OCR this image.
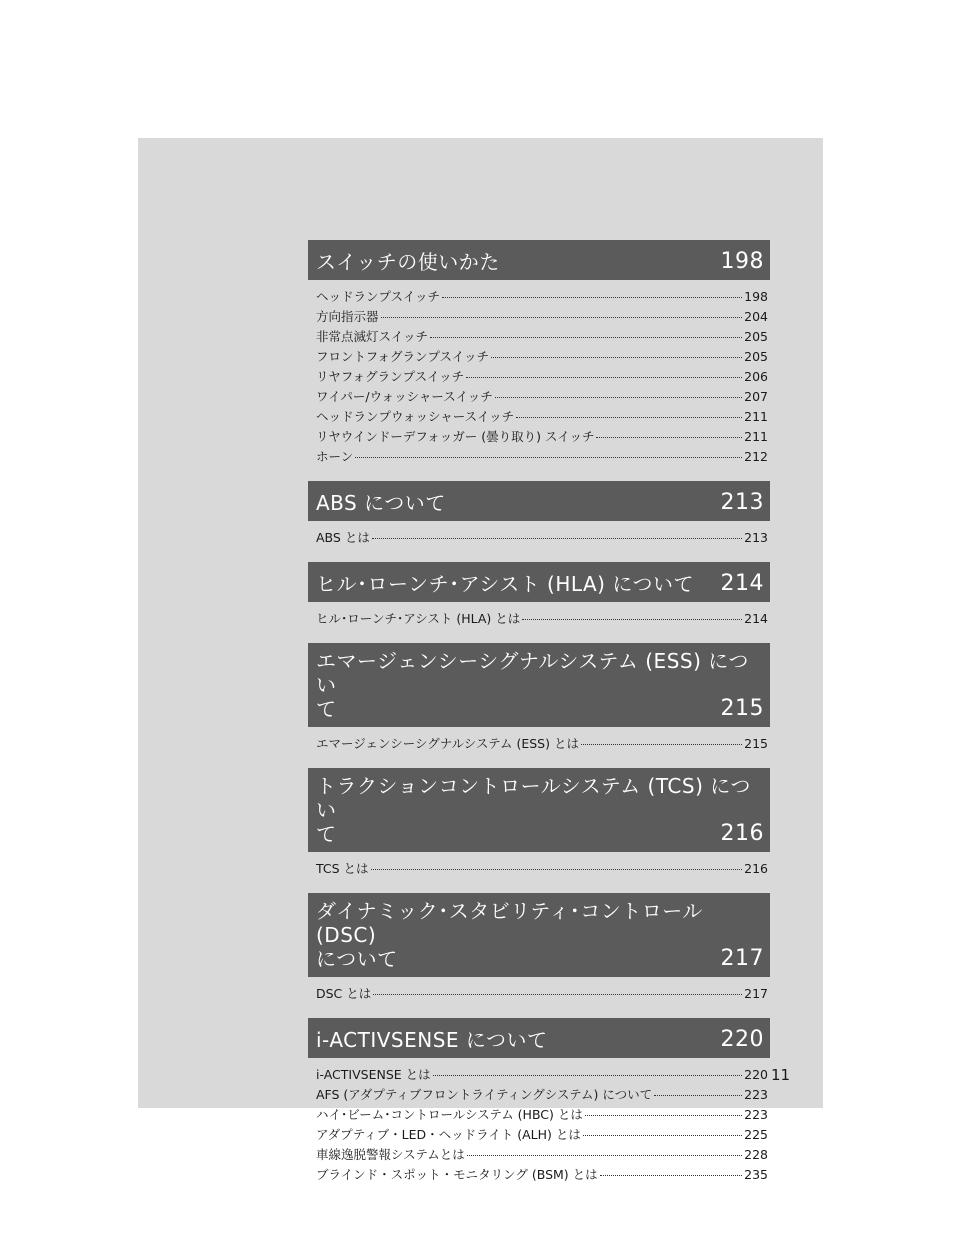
スイッチの使いかた	198
ヘッドランプスイッチ	198
方向指示器	204
非常点滅灯スイッチ	205
フロントフォグランプスイッチ	205
リヤフォグランプスイッチ	206
ワイパー/ウォッシャースイッチ	207
ヘッドランプウォッシャースイッチ	211
リヤウインドーデフォッガー (曇り取り) スイッチ	211
ホーン	212
ABS について	213
ABS とは	213
ヒル･ローンチ･アシスト (HLA) について 214
ヒル･ローンチ･アシスト (HLA) とは	214
エマージェンシーシグナルシステム (ESS) につい
て	215
エマージェンシーシグナルシステム (ESS) とは	215
トラクションコントロールシステム (TCS) につい
て	216
TCS とは	216
ダイナミック･スタビリティ･コントロール (DSC)
について	217
DSC とは	217
i-ACTIVSENSE について	220
i-ACTIVSENSE とは	220
AFS (アダプティブフロントライティングシステム) について	223
ハイ･ビーム･コントロールシステム (HBC) とは	223
アダプティブ・LED・ヘッドライト (ALH) とは	225
車線逸脱警報システムとは	228
ブラインド・スポット・モニタリング (BSM) とは	235
11
